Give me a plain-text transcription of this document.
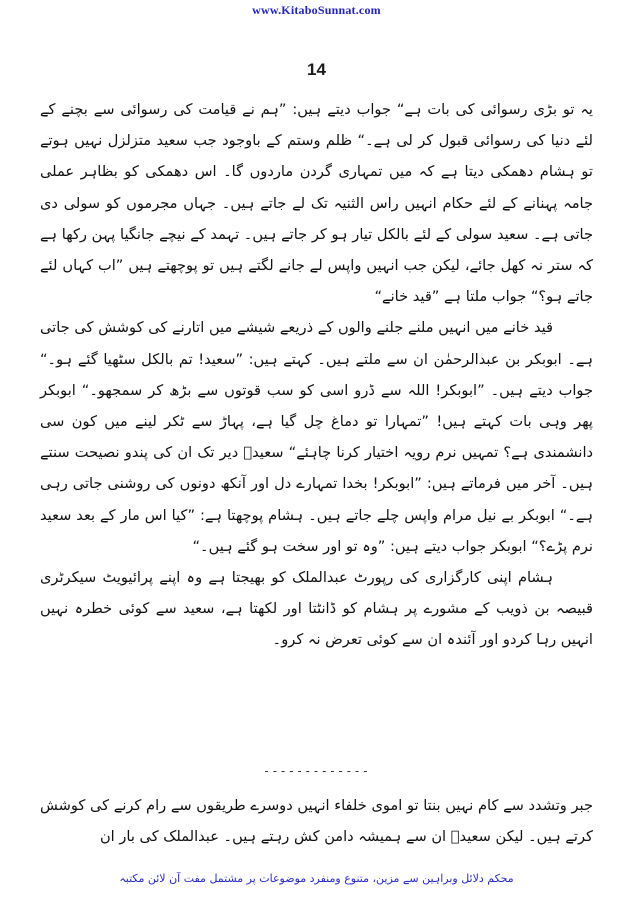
www.KitaboSunnat.com
14

یہ تو بڑی رسوائی کی بات ہے“ جواب دیتے ہیں: ”ہم نے قیامت کی رسوائی سے بچنے کے لئے دنیا کی رسوائی قبول کر لی ہے۔“ ظلم وستم کے باوجود جب سعید متزلزل نہیں ہوتے تو ہشام دھمکی دیتا ہے کہ میں تمہاری گردن ماردوں گا۔ اس دھمکی کو بظاہر عملی جامہ پہنانے کے لئے حکام انہیں راس الثنیہ تک لے جاتے ہیں۔ جہاں مجرموں کو سولی دی جاتی ہے۔ سعید سولی کے لئے بالکل تیار ہو کر جاتے ہیں۔ تہمد کے نیچے جانگیا پہن رکھا ہے کہ ستر نہ کھل جائے، لیکن جب انہیں واپس لے جانے لگتے ہیں تو پوچھتے ہیں ”اب کہاں لئے جاتے ہو؟“ جواب ملتا ہے ”قید خانے“

قید خانے میں انہیں ملنے جلنے والوں کے ذریعے شیشے میں اتارنے کی کوشش کی جاتی ہے۔ ابوبکر بن عبدالرحمٰن ان سے ملتے ہیں۔ کہتے ہیں: ”سعید! تم بالکل سٹھیا گئے ہو۔“ جواب دیتے ہیں۔ ”ابوبکر! اللہ سے ڈرو اسی کو سب قوتوں سے بڑھ کر سمجھو۔“ ابوبکر پھر وہی بات کہتے ہیں! ”تمہارا تو دماغ چل گیا ہے، پہاڑ سے ٹکر لینے میں کون سی دانشمندی ہے؟ تمہیں نرم رویہ اختیار کرنا چاہئے“ سعیدؒ دیر تک ان کی پندو نصیحت سنتے ہیں۔ آخر میں فرماتے ہیں: ”ابوبکر! بخدا تمہارے دل اور آنکھ دونوں کی روشنی جاتی رہی ہے۔“ ابوبکر بے نیل مرام واپس چلے جاتے ہیں۔ ہشام پوچھتا ہے: ”کیا اس مار کے بعد سعید نرم پڑے؟“ ابوبکر جواب دیتے ہیں: ”وہ تو اور سخت ہو گئے ہیں۔“

ہشام اپنی کارگزاری کی رپورٹ عبدالملک کو بھیجتا ہے وہ اپنے پرائیویٹ سیکرٹری قبیصہ بن ذویب کے مشورے پر ہشام کو ڈانٹتا اور لکھتا ہے، سعید سے کوئی خطرہ نہیں انہیں رہا کردو اور آئندہ ان سے کوئی تعرض نہ کرو۔

-------------

جبر وتشدد سے کام نہیں بنتا تو اموی خلفاء انہیں دوسرے طریقوں سے رام کرنے کی کوشش کرتے ہیں۔ لیکن سعیدؒ ان سے ہمیشہ دامن کش رہتے ہیں۔ عبدالملک کی بار ان

محکم دلائل وبراہین سے مزین، متنوع ومنفرد موضوعات پر مشتمل مفت آن لائن مکتبہ
